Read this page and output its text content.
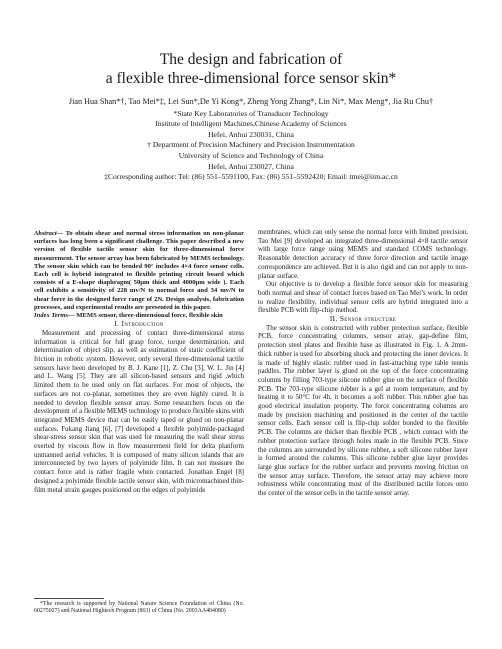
The design and fabrication of
a flexible three-dimensional force sensor skin*
Jian Hua Shan*†, Tao Mei*‡, Lei Sun*,De Yi Kong*, Zheng Yong Zhang*, Lin Ni*, Max Meng*, Jia Ru Chu†
*State Key Laboratories of Transducer Technology
Institute of Intelligent Machines,Chinese Academy of Sciences
Hefei, Anhui 230031, China
† Department of Precision Machinery and Precision Instrumentation
University of Science and Technology of China
Hefei, Anhui 230027, China
‡Corresponding author: Tel: (86) 551–5591100, Fax: (86) 551–5592420; Email: tmei@iim.ac.cn

Abstract— To obtain shear and normal stress information on non-planar surfaces has long been a significant challenge. This paper described a new version of flexible tactile sensor skin for three-dimensional force measurement. The sensor array has been fabricated by MEMS technology. The sensor skin which can be bended 90° includes 4×4 force sensor cells. Each cell is hybrid integrated to flexible printing circuit board which consists of a E-shape diaphragm( 50μm thick and 4000μm wide ). Each cell exhibits a sensitivity of 228 mv/N to normal force and 34 mv/N to shear force in the designed force range of 2N. Design analysis, fabrication processes, and experimental results are presented in this paper.

Index Terms— MEMS sensor, three-dimensional force, flexible skin

I. Introduction

Measurement and processing of contact three-dimensional stress information is critical for full grasp force, torque determination, and determination of object slip, as well as estimation of static coefficient of friction in robotic system. However, only several three-dimensional tactile sensors have been developed by B. J. Kane [1], Z. Chu [3], W. L. Jin [4] and L. Wang [5]. They are all silicon-based sensors and rigid ,which limited them to be used only on flat surfaces. For most of objects, the surfaces are not co-planar, sometimes they are even highly cured. It is needed to develop flexible sensor array. Some researchers focus on the development of a flexible MEMS technology to produce flexible skins with integrated MEMS device that can be easily taped or glued on non-planar surfaces. Fukang Jiang [6], [7] developed a flexible polyimide-packaged shear-stress sensor skin that was used for measuring the wall shear stress exerted by viscous flow in flow measurement field for delta planform unmanned aerial vehicles. It is composed of many silicon islands that are interconnected by two layers of polyimide film. It can not measure the contact force and is rather fragile when contacted. Jonathan Engel [8] designed a polyimide flexible tactile sensor skin, with micromachined thin-film metal strain gauges positioned on the edges of polyimide

membranes, which can only sense the normal force with limited precision. Tao Mei [9] developed an integrated three-dimensional 4×8 tactile sensor with large force range using MEMS and standard COMS technology. Reasonable detection accuracy of three force direction and tactile image correspondence are achieved. But it is also rigid and can not apply to non-planar surface.

Our objective is to develop a flexible force sensor skin for measuring both normal and shear of contact forces based on Tao Mei’s work. In order to realize flexibility, individual sensor cells are hybrid integrated into a flexible PCB with flip-chip method.

II. Sensor structure

The sensor skin is constructed with rubber protection surface, flexible PCB, force concentrating columns, sensor array, gap-define film, protection steel plates and flexible base as illustrated in Fig. 1. A 2mm-thick rubber is used for absorbing shock and protecting the inner devices. It is made of highly elastic rubber used in fast-attaching type table tennis paddles. The rubber layer is glued on the top of the force concentrating columns by filling 703-type silicone rubber glue on the surface of flexible PCB. The 703-type silicone rubber is a gel at room temperature, and by heating it to 50°C for 4h, it becomes a soft rubber. This rubber glue has good electrical insulation property. The force concentrating columns are made by precision machining and positioned in the center of the tactile sensor cells. Each sensor cell is flip-chip solder bonded to the flexible PCB. The columns are thicker than flexible PCB , which contact with the rubber protection surface through holes made in the flexible PCB. Since the columns are surrounded by silicone rubber, a soft silicone rubber layer is formed around the columns. This silicone rubber glue layer provides large glue surface for the rubber surface and prevents moving friction on the sensor array surface. Therefore, the sensor array may achieve more robustness while concentrating most of the distributed tactile forces onto the center of the sensor cells in the tactile sensor array.

*The research is supported by National Nature Science Foundation of China (No. 60275027) and National Hightech Program (863) of China (No. 2003AA404080)
